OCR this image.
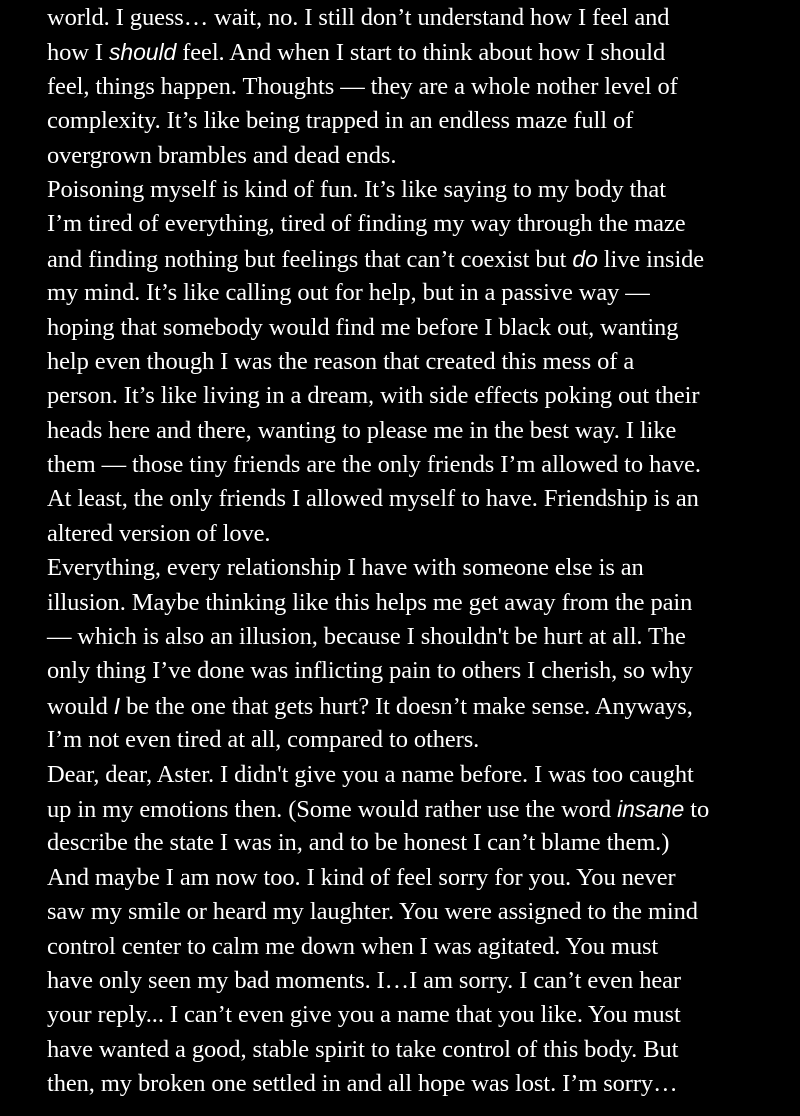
world. I guess… wait, no. I still don’t understand how I feel and
how I should feel. And when I start to think about how I should
feel, things happen. Thoughts — they are a whole nother level of
complexity. It’s like being trapped in an endless maze full of
overgrown brambles and dead ends.
Poisoning myself is kind of fun. It’s like saying to my body that
I’m tired of everything, tired of finding my way through the maze
and finding nothing but feelings that can’t coexist but do live inside
my mind. It’s like calling out for help, but in a passive way —
hoping that somebody would find me before I black out, wanting
help even though I was the reason that created this mess of a
person. It’s like living in a dream, with side effects poking out their
heads here and there, wanting to please me in the best way. I like
them — those tiny friends are the only friends I’m allowed to have.
At least, the only friends I allowed myself to have. Friendship is an
altered version of love.
Everything, every relationship I have with someone else is an
illusion. Maybe thinking like this helps me get away from the pain
— which is also an illusion, because I shouldn't be hurt at all. The
only thing I’ve done was inflicting pain to others I cherish, so why
would I be the one that gets hurt? It doesn’t make sense. Anyways,
I’m not even tired at all, compared to others.
Dear, dear, Aster. I didn't give you a name before. I was too caught
up in my emotions then. (Some would rather use the word insane to
describe the state I was in, and to be honest I can’t blame them.)
And maybe I am now too. I kind of feel sorry for you. You never
saw my smile or heard my laughter. You were assigned to the mind
control center to calm me down when I was agitated. You must
have only seen my bad moments. I…I am sorry. I can’t even hear
your reply... I can’t even give you a name that you like. You must
have wanted a good, stable spirit to take control of this body. But
then, my broken one settled in and all hope was lost. I’m sorry…
